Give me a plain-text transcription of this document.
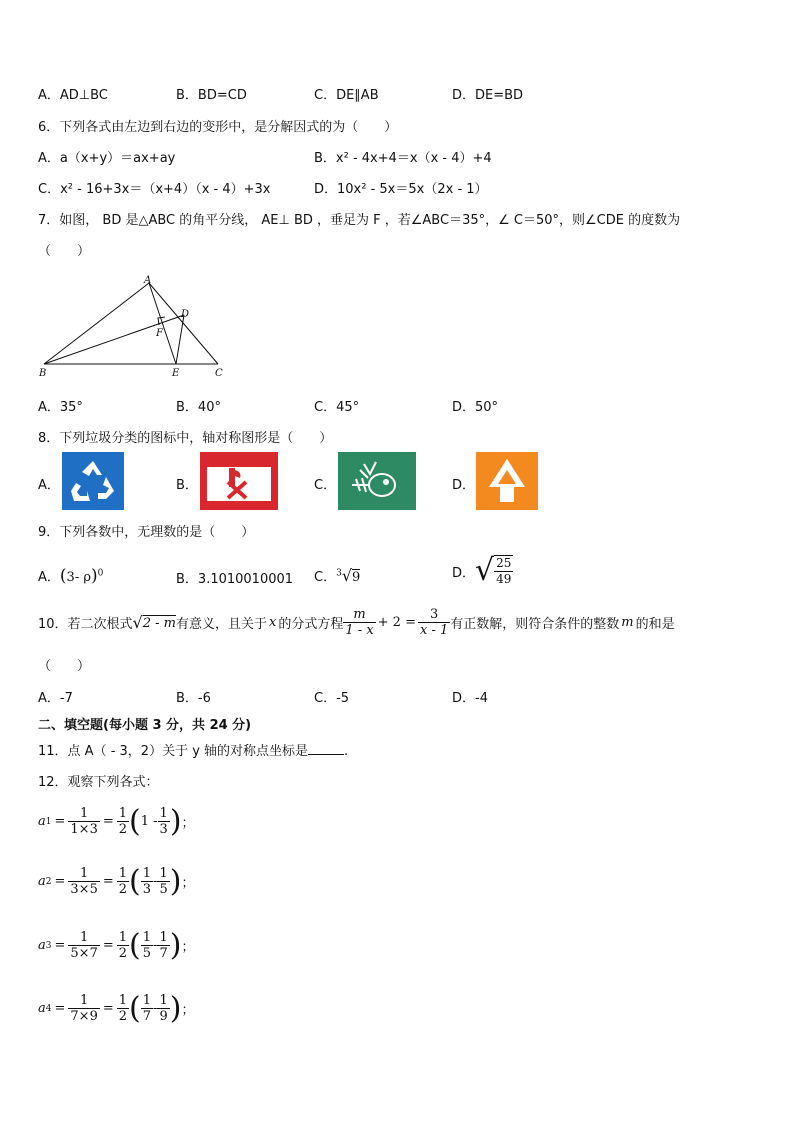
A．AD⊥BC	B．BD=CD	C．DE∥AB	D．DE=BD
6．下列各式由左边到右边的变形中，是分解因式的为（　　）
A．a（x+y）＝ax+ay	B．x² - 4x+4＝x（x - 4）+4
C．x² - 16+3x＝（x+4）（x - 4）+3x	D．10x² - 5x＝5x（2x - 1）
7．如图， BD 是△ABC 的角平分线， AE⊥ BD ，垂足为 F ，若∠ABC＝35°，∠ C＝50°，则∠CDE 的度数为
（　　）
A
B	C
D
E
F
A．35°	B．40°	C．45°	D．50°
8．下列垃圾分类的图标中，轴对称图形是（　　）
A．	B．	C．	D．
9．下列各数中，无理数的是（　　）
A．(3- ρ)$^0$	B．3.1010010001 C．$^3$√9	D． √ $\frac{25}{49}$
10．若二次根式 √ 2 - m 有意义，且关于 x 的分式方程 $\frac{m}{1 - x} + 2 = \frac{3}{x - 1}$ 有正数解，则符合条件的整数 m 的和是
（　　）
A．-7	B．-6	C．-5	D．-4
二、填空题(每小题 3 分，共 24 分)
11．点 A（ - 3，2）关于 y 轴的对称点坐标是	.
12．观察下列各式：
a $1 = \frac{1}{1\times 3} = \frac{1}{2}$ ( $1 - \frac{1}{3}$ ) ；
a $2 = \frac{1}{3\times 5} = \frac{1}{2}$ ( $\frac{1}{3} - \frac{1}{5}$ ) ；
a $3 = \frac{1}{5\times 7} = \frac{1}{2}$ ( $\frac{1}{5} - \frac{1}{7}$ ) ；
a $4 = \frac{1}{7\times 9} = \frac{1}{2}$ ( $\frac{1}{7} - \frac{1}{9}$ ) ；
